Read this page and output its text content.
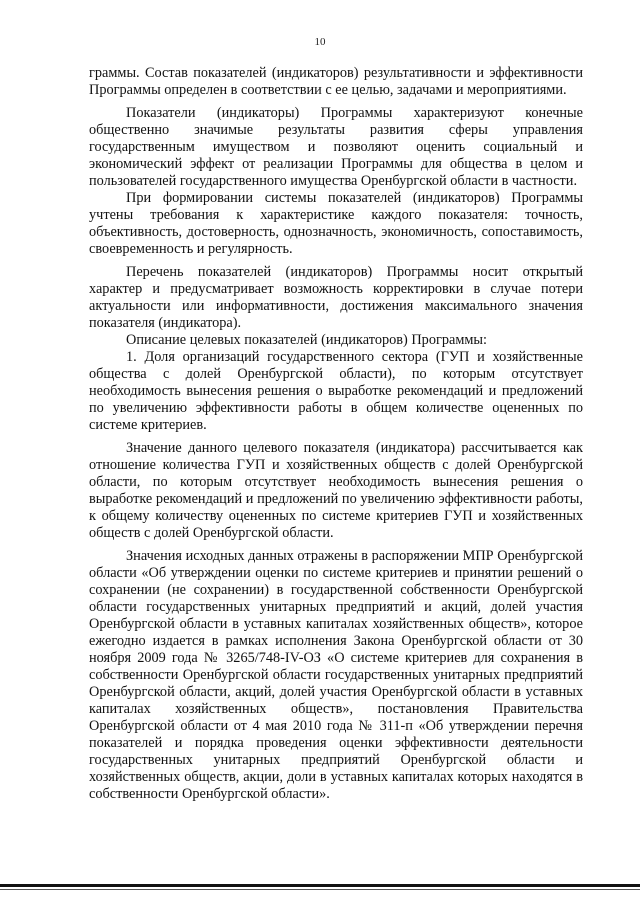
10

граммы. Состав показателей (индикаторов) результативности и эффективности Программы определен в соответствии с ее целью, задачами и мероприятиями.

Показатели (индикаторы) Программы характеризуют конечные общественно значимые результаты развития сферы управления государственным имуществом и позволяют оценить социальный и экономический эффект от реализации Программы для общества в целом и пользователей государственного имущества Оренбургской области в частности.

При формировании системы показателей (индикаторов) Программы учтены требования к характеристике каждого показателя: точность, объективность, достоверность, однозначность, экономичность, сопоставимость, своевременность и регулярность.

Перечень показателей (индикаторов) Программы носит открытый характер и предусматривает возможность корректировки в случае потери актуальности или информативности, достижения максимального значения показателя (индикатора).

Описание целевых показателей (индикаторов) Программы:

1. Доля организаций государственного сектора (ГУП и хозяйственные общества с долей Оренбургской области), по которым отсутствует необходимость вынесения решения о выработке рекомендаций и предложений по увеличению эффективности работы в общем количестве оцененных по системе критериев.

Значение данного целевого показателя (индикатора) рассчитывается как отношение количества ГУП и хозяйственных обществ с долей Оренбургской области, по которым отсутствует необходимость вынесения решения о выработке рекомендаций и предложений по увеличению эффективности работы, к общему количеству оцененных по системе критериев ГУП и хозяйственных обществ с долей Оренбургской области.

Значения исходных данных отражены в распоряжении МПР Оренбургской области «Об утверждении оценки по системе критериев и принятии решений о сохранении (не сохранении) в государственной собственности Оренбургской области государственных унитарных предприятий и акций, долей участия Оренбургской области в уставных капиталах хозяйственных обществ», которое ежегодно издается в рамках исполнения Закона Оренбургской области от 30 ноября 2009 года № 3265/748-IV-ОЗ «О системе критериев для сохранения в собственности Оренбургской области государственных унитарных предприятий Оренбургской области, акций, долей участия Оренбургской области в уставных капиталах хозяйственных обществ», постановления Правительства Оренбургской области от 4 мая 2010 года № 311-п «Об утверждении перечня показателей и порядка проведения оценки эффективности деятельности государственных унитарных предприятий Оренбургской области и хозяйственных обществ, акции, доли в уставных капиталах которых находятся в собственности Оренбургской области».
